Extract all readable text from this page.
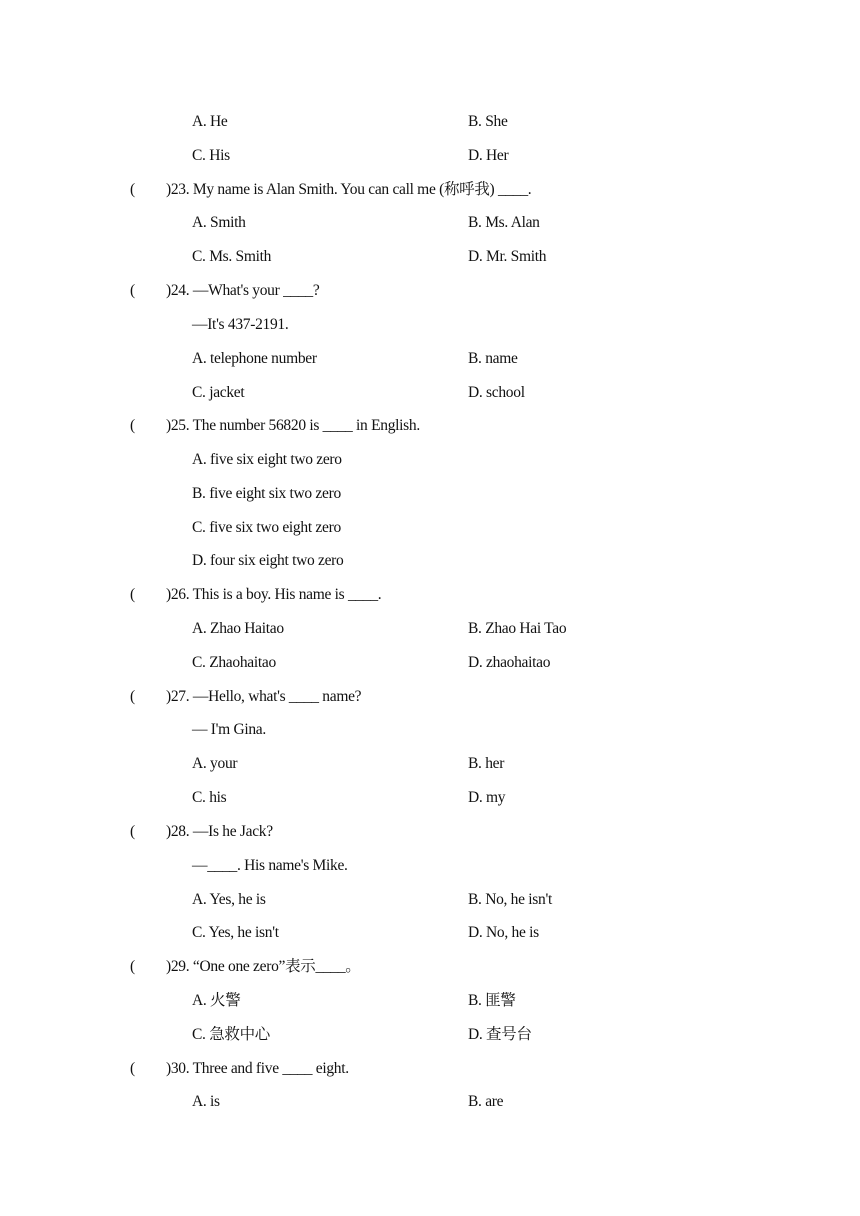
A. He	B. She
C. His	D. Her
( )23. My name is Alan Smith. You can call me (称呼我) ____.
A. Smith	B. Ms. Alan
C. Ms. Smith	D. Mr. Smith
( )24. —What's your ____?
—It's 437-2191.
A. telephone number	B. name
C. jacket	D. school
( )25. The number 56820 is ____ in English.
A. five six eight two zero
B. five eight six two zero
C. five six two eight zero
D. four six eight two zero
( )26. This is a boy. His name is ____.
A. Zhao Haitao	B. Zhao Hai Tao
C. Zhaohaitao	D. zhaohaitao
( )27. —Hello, what's ____ name?
— I'm Gina.
A. your	B. her
C. his	D. my
( )28. —Is he Jack?
—____. His name's Mike.
A. Yes, he is	B. No, he isn't
C. Yes, he isn't	D. No, he is
( )29. “One one zero”表示____。
A. 火警	B. 匪警
C. 急救中心	D. 查号台
( )30. Three and five ____ eight.
A. is	B. are
